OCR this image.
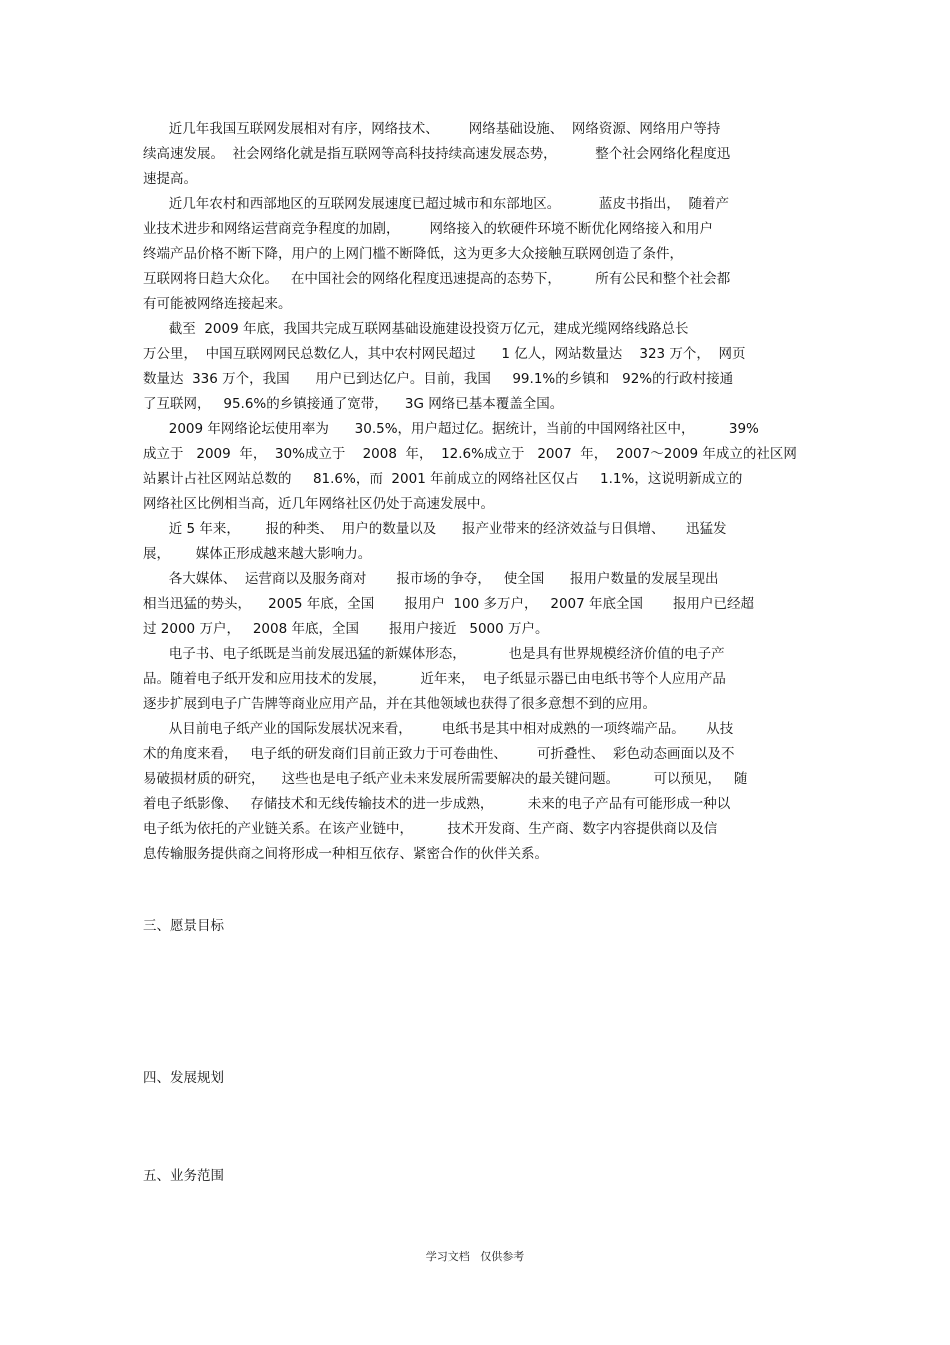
近几年我国互联网发展相对有序，网络技术、       网络基础设施、  网络资源、网络用户等持
续高速发展。  社会网络化就是指互联网等高科技持续高速发展态势，         整个社会网络化程度迅
速提高。
近几年农村和西部地区的互联网发展速度已超过城市和东部地区。         蓝皮书指出，  随着产
业技术进步和网络运营商竞争程度的加剧，       网络接入的软硬件环境不断优化网络接入和用户
终端产品价格不断下降，用户的上网门槛不断降低，这为更多大众接触互联网创造了条件，
互联网将日趋大众化。   在中国社会的网络化程度迅速提高的态势下，        所有公民和整个社会都
有可能被网络连接起来。
截至  2009 年底，我国共完成互联网基础设施建设投资万亿元，建成光缆网络线路总长
万公里，  中国互联网网民总数亿人，其中农村网民超过      1 亿人，网站数量达    323 万个，  网页
数量达  336 万个，我国      用户已到达亿户。目前，我国     99.1%的乡镇和   92%的行政村接通
了互联网，   95.6%的乡镇接通了宽带，    3G 网络已基本覆盖全国。
2009 年网络论坛使用率为      30.5%，用户超过亿。据统计，当前的中国网络社区中，        39%
成立于   2009  年，  30%成立于    2008  年，  12.6%成立于   2007  年，  2007～2009 年成立的社区网
站累计占社区网站总数的     81.6%，而  2001 年前成立的网络社区仅占     1.1%，这说明新成立的
网络社区比例相当高，近几年网络社区仍处于高速发展中。
近 5 年来，      报的种类、  用户的数量以及      报产业带来的经济效益与日俱增、     迅猛发
展，      媒体正形成越来越大影响力。
各大媒体、  运营商以及服务商对       报市场的争夺，   使全国      报用户数量的发展呈现出
相当迅猛的势头，    2005 年底，全国       报用户  100 多万户，   2007 年底全国       报用户已经超
过 2000 万户，   2008 年底，全国       报用户接近   5000 万户。
电子书、电子纸既是当前发展迅猛的新媒体形态，          也是具有世界规模经济价值的电子产
品。随着电子纸开发和应用技术的发展，        近年来，  电子纸显示器已由电纸书等个人应用产品
逐步扩展到电子广告牌等商业应用产品，并在其他领域也获得了很多意想不到的应用。
从目前电子纸产业的国际发展状况来看，       电纸书是其中相对成熟的一项终端产品。     从技
术的角度来看，   电子纸的研发商们目前正致力于可卷曲性、       可折叠性、  彩色动态画面以及不
易破损材质的研究，    这些也是电子纸产业未来发展所需要解决的最关键问题。        可以预见，   随
着电子纸影像、   存储技术和无线传输技术的进一步成熟，        未来的电子产品有可能形成一种以
电子纸为依托的产业链关系。在该产业链中，        技术开发商、生产商、数字内容提供商以及信
息传输服务提供商之间将形成一种相互依存、紧密合作的伙伴关系。
三、愿景目标
四、发展规划
五、业务范围
学习文档   仅供参考
